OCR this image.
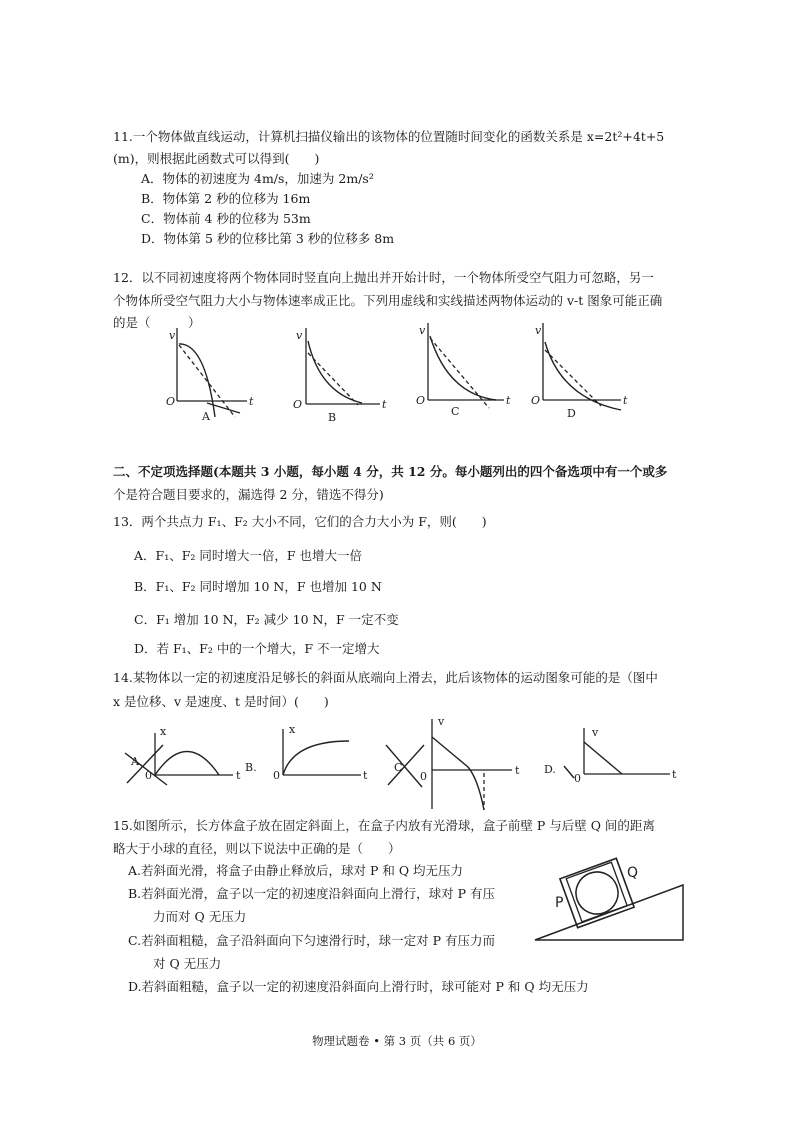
11.一个物体做直线运动，计算机扫描仪输出的该物体的位置随时间变化的函数关系是 x=2t²+4t+5
(m)，则根据此函数式可以得到(　　)
A．物体的初速度为 4m/s，加速为 2m/s²
B．物体第 2 秒的位移为 16m
C．物体前 4 秒的位移为 53m
D．物体第 5 秒的位移比第 3 秒的位移多 8m
12．以不同初速度将两个物体同时竖直向上抛出并开始计时，一个物体所受空气阻力可忽略，另一
个物体所受空气阻力大小与物体速率成正比。下列用虚线和实线描述两物体运动的 v-t 图象可能正确
的是（　　　）
v
t
O
A
v
t
O
B
v
t
O
C
v
t
O
D
二、不定项选择题(本题共 3 小题，每小题 4 分，共 12 分。每小题列出的四个备选项中有一个或多
个是符合题目要求的，漏选得 2 分，错选不得分)
13．两个共点力 F₁、F₂ 大小不同，它们的合力大小为 F，则(　　)
A．F₁、F₂ 同时增大一倍，F 也增大一倍
B．F₁、F₂ 同时增加 10 N，F 也增加 10 N
C．F₁ 增加 10 N，F₂ 减少 10 N，F 一定不变
D．若 F₁、F₂ 中的一个增大，F 不一定增大
14.某物体以一定的初速度沿足够长的斜面从底端向上滑去，此后该物体的运动图象可能的是（图中
x 是位移、v 是速度、t 是时间）(　　)
A
x
t
0
B.
x
t
0
C
v
t
0
D.
v
t
0
15.如图所示，长方体盒子放在固定斜面上，在盒子内放有光滑球，盒子前壁 P 与后壁 Q 间的距离
略大于小球的直径，则以下说法中正确的是（　　）
A.若斜面光滑，将盒子由静止释放后，球对 P 和 Q 均无压力
B.若斜面光滑，盒子以一定的初速度沿斜面向上滑行，球对 P 有压
力而对 Q 无压力
C.若斜面粗糙，盒子沿斜面向下匀速滑行时，球一定对 P 有压力而
对 Q 无压力
D.若斜面粗糙，盒子以一定的初速度沿斜面向上滑行时，球可能对 P 和 Q 均无压力
P
Q
物理试题卷 • 第 3 页（共 6 页）
